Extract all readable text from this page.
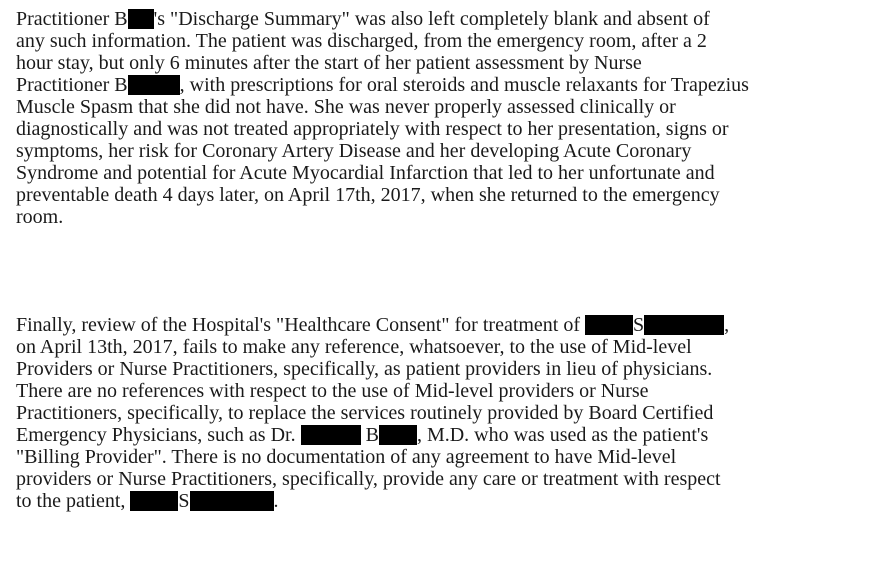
Practitioner B 's "Discharge Summary" was also left completely blank and absent of
any such information. The patient was discharged, from the emergency room, after a 2
hour stay, but only 6 minutes after the start of her patient assessment by Nurse
Practitioner B	, with prescriptions for oral steroids and muscle relaxants for Trapezius
Muscle Spasm that she did not have. She was never properly assessed clinically or
diagnostically and was not treated appropriately with respect to her presentation, signs or
symptoms, her risk for Coronary Artery Disease and her developing Acute Coronary
Syndrome and potential for Acute Myocardial Infarction that led to her unfortunate and
preventable death 4 days later, on April 17th, 2017, when she returned to the emergency
room.
Finally, review of the Hospital's "Healthcare Consent" for treatment of S	,
on April 13th, 2017, fails to make any reference, whatsoever, to the use of Mid-level
Providers or Nurse Practitioners, specifically, as patient providers in lieu of physicians.
There are no references with respect to the use of Mid-level providers or Nurse
Practitioners, specifically, to replace the services routinely provided by Board Certified
Emergency Physicians, such as Dr.	B , M.D. who was used as the patient's
"Billing Provider". There is no documentation of any agreement to have Mid-level
providers or Nurse Practitioners, specifically, provide any care or treatment with respect
to the patient, S	.
